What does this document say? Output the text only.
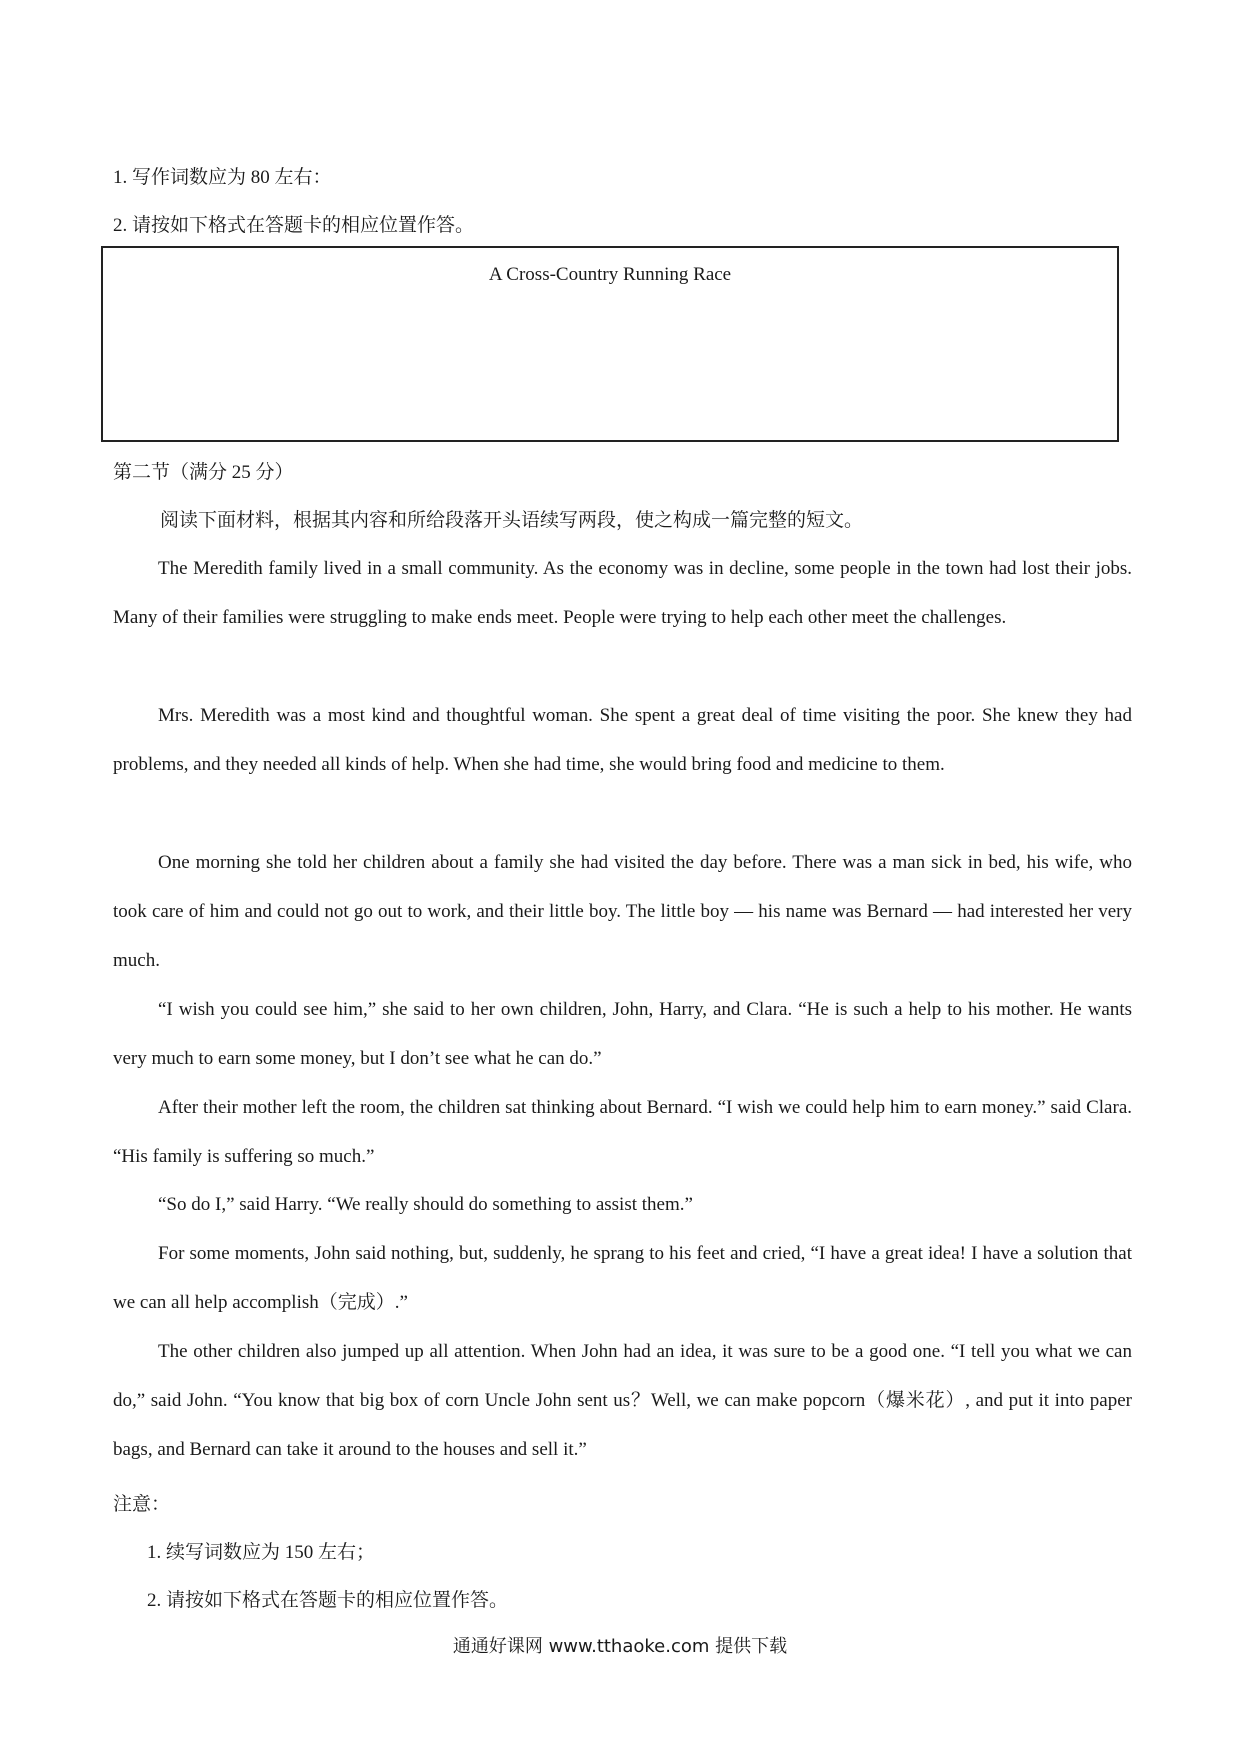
1. 写作词数应为 80 左右：
2. 请按如下格式在答题卡的相应位置作答。
A Cross-Country Running Race
第二节（满分 25 分）
阅读下面材料，根据其内容和所给段落开头语续写两段，使之构成一篇完整的短文。

The Meredith family lived in a small community. As the economy was in decline, some people in the town had lost their jobs. Many of their families were struggling to make ends meet. People were trying to help each other meet the challenges.

Mrs. Meredith was a most kind and thoughtful woman. She spent a great deal of time visiting the poor. She knew they had problems, and they needed all kinds of help. When she had time, she would bring food and medicine to them.

One morning she told her children about a family she had visited the day before. There was a man sick in bed, his wife, who took care of him and could not go out to work, and their little boy. The little boy — his name was Bernard — had interested her very much.

“I wish you could see him,” she said to her own children, John, Harry, and Clara. “He is such a help to his mother. He wants very much to earn some money, but I don’t see what he can do.”

After their mother left the room, the children sat thinking about Bernard. “I wish we could help him to earn money.” said Clara. “His family is suffering so much.”

“So do I,” said Harry. “We really should do something to assist them.”

For some moments, John said nothing, but, suddenly, he sprang to his feet and cried, “I have a great idea! I have a solution that we can all help accomplish（完成）.”

The other children also jumped up all attention. When John had an idea, it was sure to be a good one. “I tell you what we can do,” said John. “You know that big box of corn Uncle John sent us？Well, we can make popcorn（爆米花）, and put it into paper bags, and Bernard can take it around to the houses and sell it.”

注意：
1. 续写词数应为 150 左右；
2. 请按如下格式在答题卡的相应位置作答。
通通好课网 www.tthaoke.com 提供下载
